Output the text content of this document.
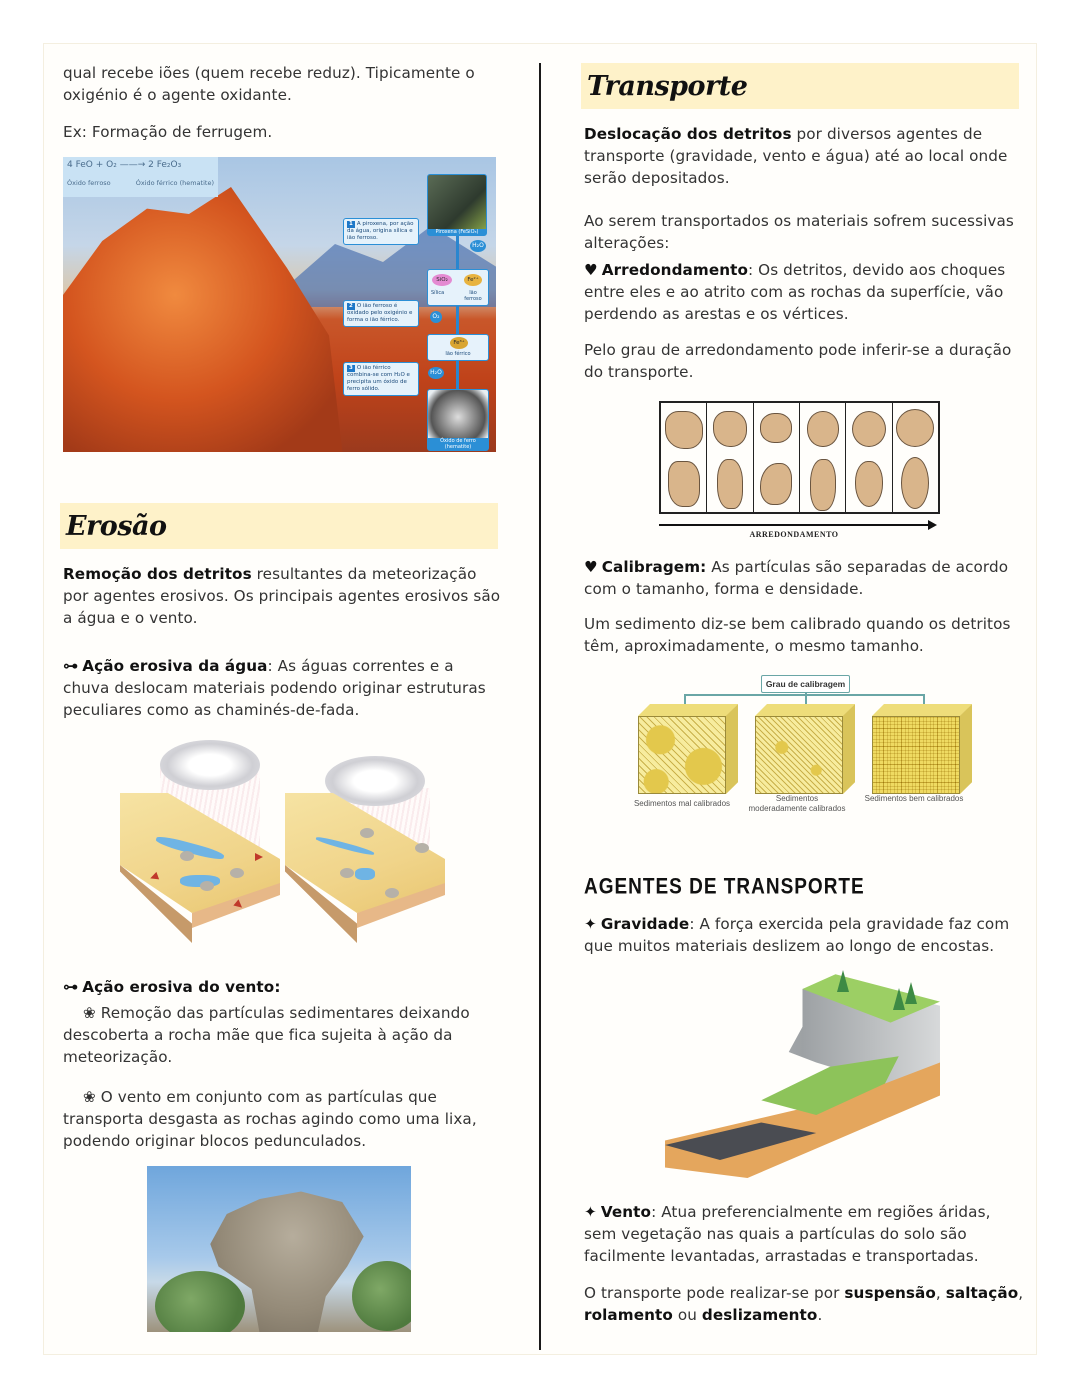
qual recebe iões (quem recebe reduz). Tipicamente o oxigénio é o agente oxidante.

Ex: Formação de ferrugem.

4 FeO + O₂ ——→ 2 Fe₂O₃
Óxido ferroso	Óxido férrico (hematite)
1 A piroxena, por ação da água, origina sílica e ião ferroso.
2 O ião ferroso é oxidado pelo oxigénio e forma o ião férrico.
3 O ião férrico combina-se com H₂O e precipita um óxido de ferro sólido.
Piroxena (FeSiO₃)
H₂O
SiO₂	Fe²⁺
Sílica	Ião ferroso
O₂
Fe³⁺
Ião férrico
H₂O
Óxido de ferro (hematite)
Erosão

Remoção dos detritos resultantes da meteorização por agentes erosivos. Os principais agentes erosivos são a água e o vento.

⊶ Ação erosiva da água: As águas correntes e a chuva deslocam materiais podendo originar estruturas peculiares como as chaminés-de-fada.

⊶ Ação erosiva do vento:

❀ Remoção das partículas sedimentares deixando descoberta a rocha mãe que fica sujeita à ação da meteorização.

❀ O vento em conjunto com as partículas que transporta desgasta as rochas agindo como uma lixa, podendo originar blocos pedunculados.

Transporte

Deslocação dos detritos por diversos agentes de transporte (gravidade, vento e água) até ao local onde serão depositados.

Ao serem transportados os materiais sofrem sucessivas alterações:

♥ Arredondamento: Os detritos, devido aos choques entre eles e ao atrito com as rochas da superfície, vão perdendo as arestas e os vértices.

Pelo grau de arredondamento pode inferir-se a duração do transporte.

ARREDONDAMENTO

♥ Calibragem: As partículas são separadas de acordo com o tamanho, forma e densidade.

Um sedimento diz-se bem calibrado quando os detritos têm, aproximadamente, o mesmo tamanho.

Grau de calibragem
Sedimentos mal calibrados
Sedimentos moderadamente calibrados
Sedimentos bem calibrados
AGENTES DE TRANSPORTE

✦ Gravidade: A força exercida pela gravidade faz com que muitos materiais deslizem ao longo de encostas.

✦ Vento: Atua preferencialmente em regiões áridas, sem vegetação nas quais a partículas do solo são facilmente levantadas, arrastadas e transportadas.

O transporte pode realizar-se por suspensão, saltação, rolamento ou deslizamento.
